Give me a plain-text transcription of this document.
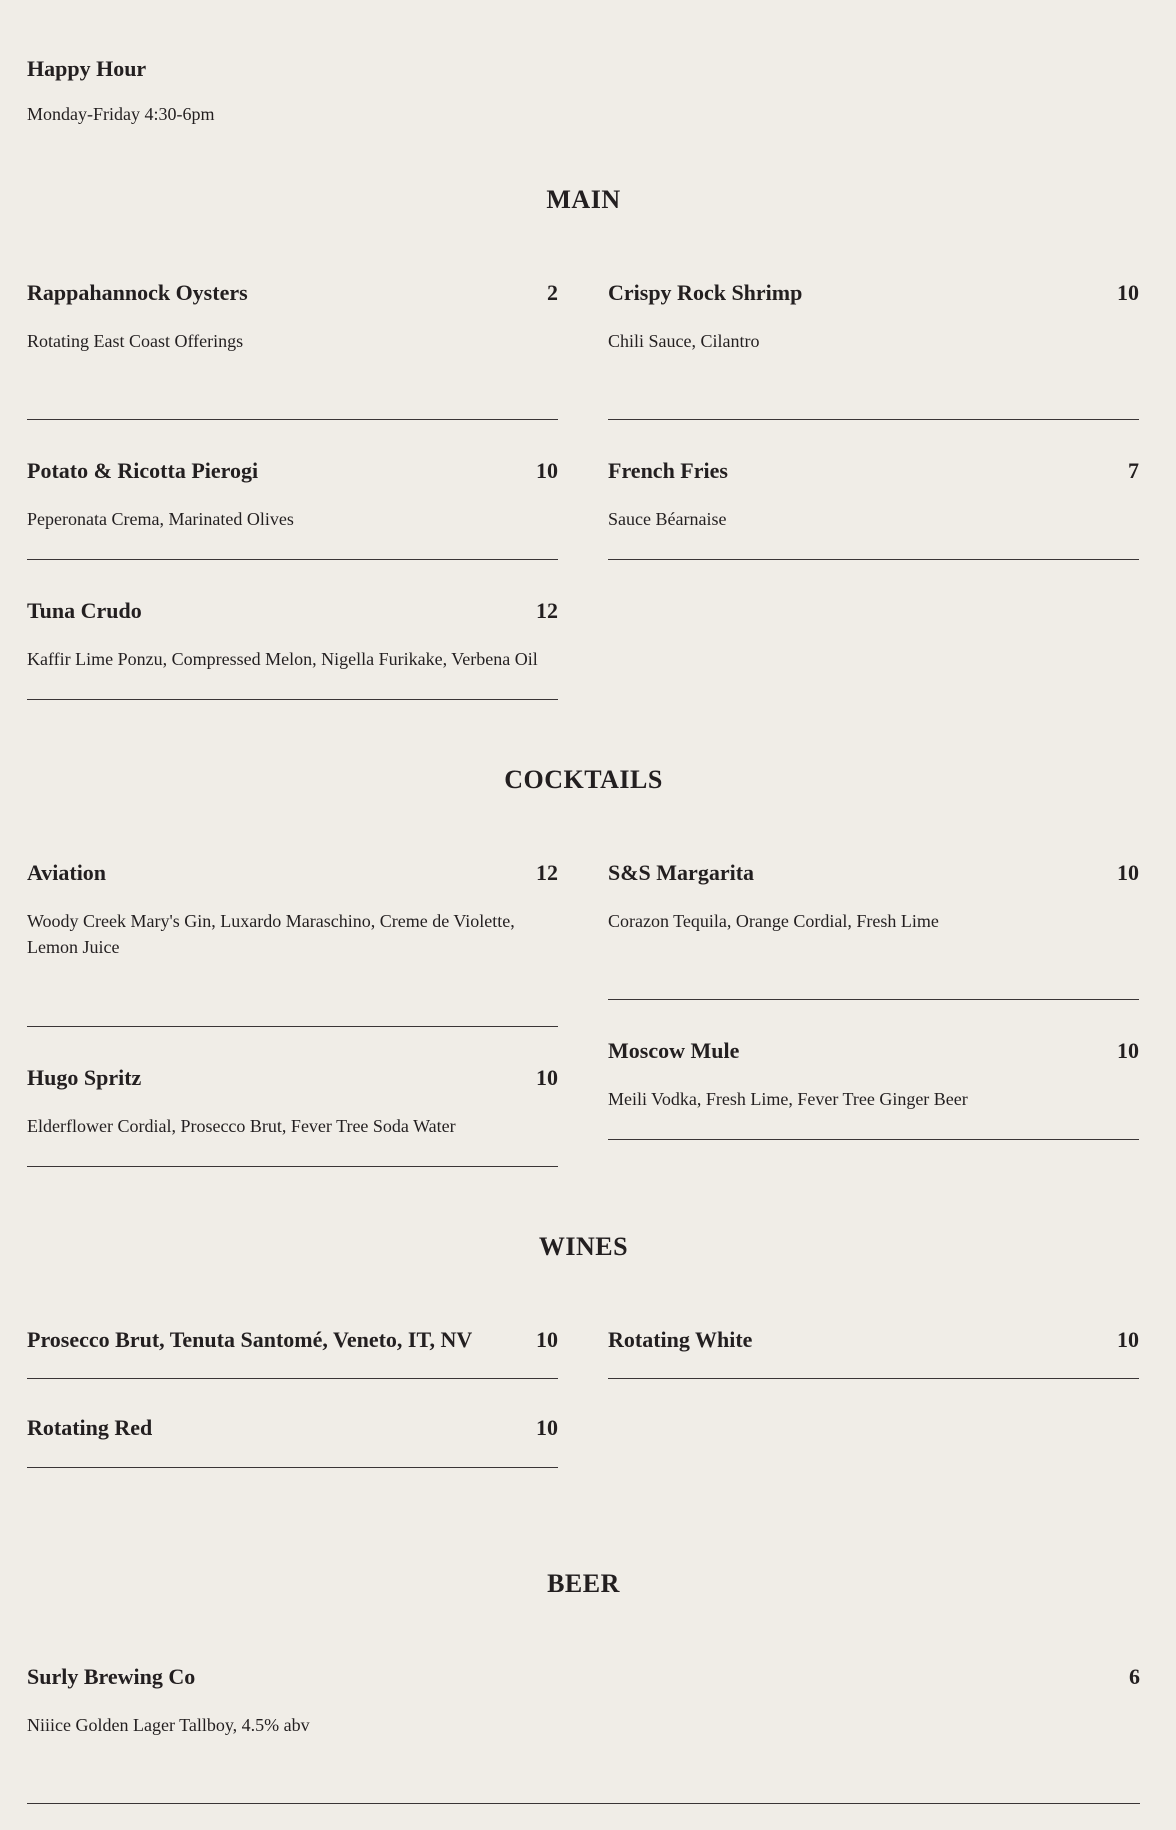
Happy Hour
Monday-Friday 4:30-6pm
MAIN
Rappahannock Oysters	2
Rotating East Coast Offerings
Potato & Ricotta Pierogi	10
Peperonata Crema, Marinated Olives
Tuna Crudo	12
Kaffir Lime Ponzu, Compressed Melon, Nigella Furikake, Verbena Oil
Crispy Rock Shrimp	10
Chili Sauce, Cilantro
French Fries	7
Sauce Béarnaise
COCKTAILS
Aviation	12
Woody Creek Mary's Gin, Luxardo Maraschino, Creme de Violette, Lemon Juice
Hugo Spritz	10
Elderflower Cordial, Prosecco Brut, Fever Tree Soda Water
S&S Margarita	10
Corazon Tequila, Orange Cordial, Fresh Lime
Moscow Mule	10
Meili Vodka, Fresh Lime, Fever Tree Ginger Beer
WINES
Prosecco Brut, Tenuta Santomé, Veneto, IT, NV	10
Rotating Red	10
Rotating White	10
BEER
Surly Brewing Co	6
Niiice Golden Lager Tallboy, 4.5% abv
